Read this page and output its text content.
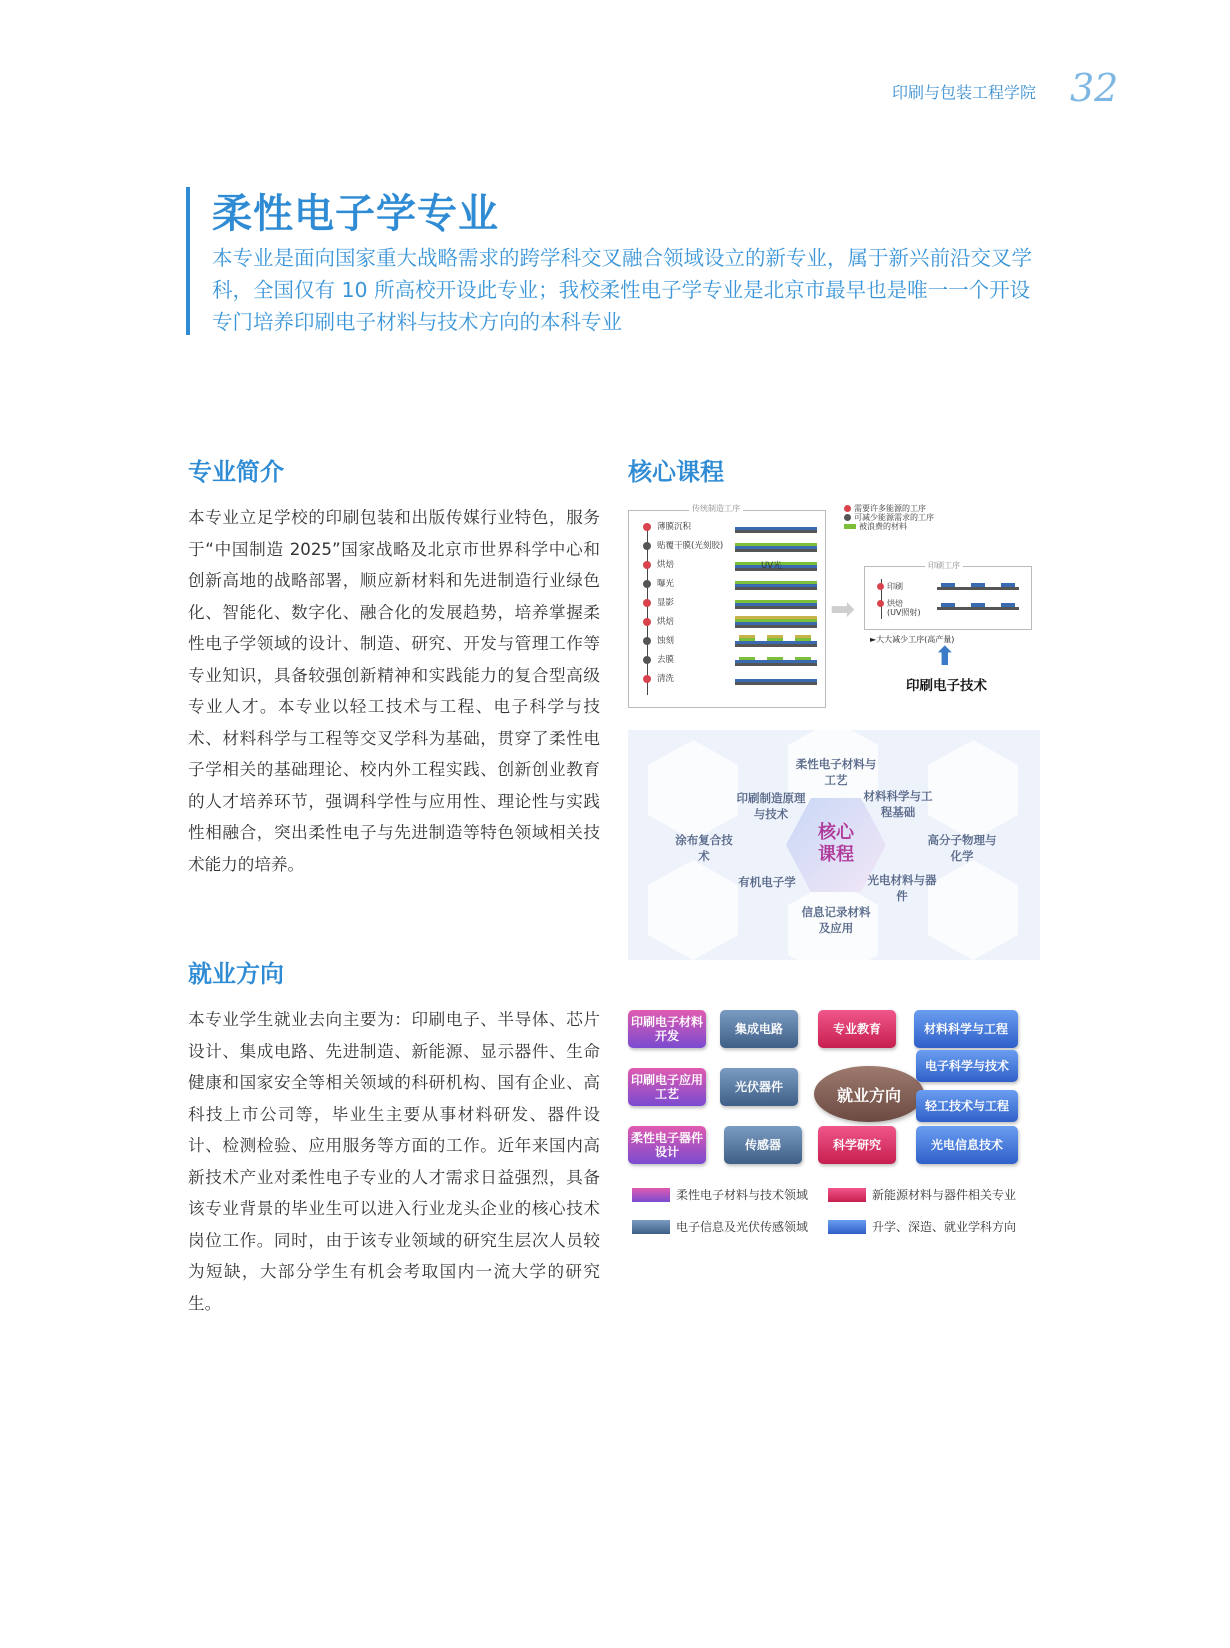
印刷与包装工程学院 32
柔性电子学专业
本专业是面向国家重大战略需求的跨学科交叉融合领域设立的新专业，属于新兴前沿交叉学科，全国仅有 10 所高校开设此专业；我校柔性电子学专业是北京市最早也是唯一一个开设专门培养印刷电子材料与技术方向的本科专业
专业简介
本专业立足学校的印刷包装和出版传媒行业特色，服务于“中国制造 2025”国家战略及北京市世界科学中心和创新高地的战略部署，顺应新材料和先进制造行业绿色化、智能化、数字化、融合化的发展趋势，培养掌握柔性电子学领域的设计、制造、研究、开发与管理工作等专业知识，具备较强创新精神和实践能力的复合型高级专业人才。本专业以轻工技术与工程、电子科学与技术、材料科学与工程等交叉学科为基础，贯穿了柔性电子学相关的基础理论、校内外工程实践、创新创业教育的人才培养环节，强调科学性与应用性、理论性与实践性相融合，突出柔性电子与先进制造等特色领域相关技术能力的培养。
就业方向
本专业学生就业去向主要为：印刷电子、半导体、芯片设计、集成电路、先进制造、新能源、显示器件、生命健康和国家安全等相关领域的科研机构、国有企业、高科技上市公司等，毕业生主要从事材料研发、器件设计、检测检验、应用服务等方面的工作。近年来国内高新技术产业对柔性电子专业的人才需求日益强烈，具备该专业背景的毕业生可以进入行业龙头企业的核心技术岗位工作。同时，由于该专业领域的研究生层次人员较为短缺，大部分学生有机会考取国内一流大学的研究生。
核心课程
传统制造工序
薄膜沉积
贴覆干膜(光刻胶)
烘焙
曝光
显影
烘焙
蚀刻
去膜
清洗
UV光
需要许多能源的工序
可减少能源需求的工序
被浪费的材料
➡
印刷工序
印刷
烘焙
(UV照射)
►大大减少工序(高产量)
⬆
印刷电子技术
核心
课程
柔性电子材料与工艺
材料科学与工程基础
高分子物理与化学
光电材料与器件
信息记录材料及应用
有机电子学
涂布复合技术
印刷制造原理与技术
就业方向
印刷电子材料开发	集成电路	专业教育	材料科学与工程
印刷电子应用工艺	光伏器件
电子科学与技术
轻工技术与工程
柔性电子器件设计	传感器	科学研究	光电信息技术
柔性电子材料与技术领域	新能源材料与器件相关专业
电子信息及光伏传感领域	升学、深造、就业学科方向
